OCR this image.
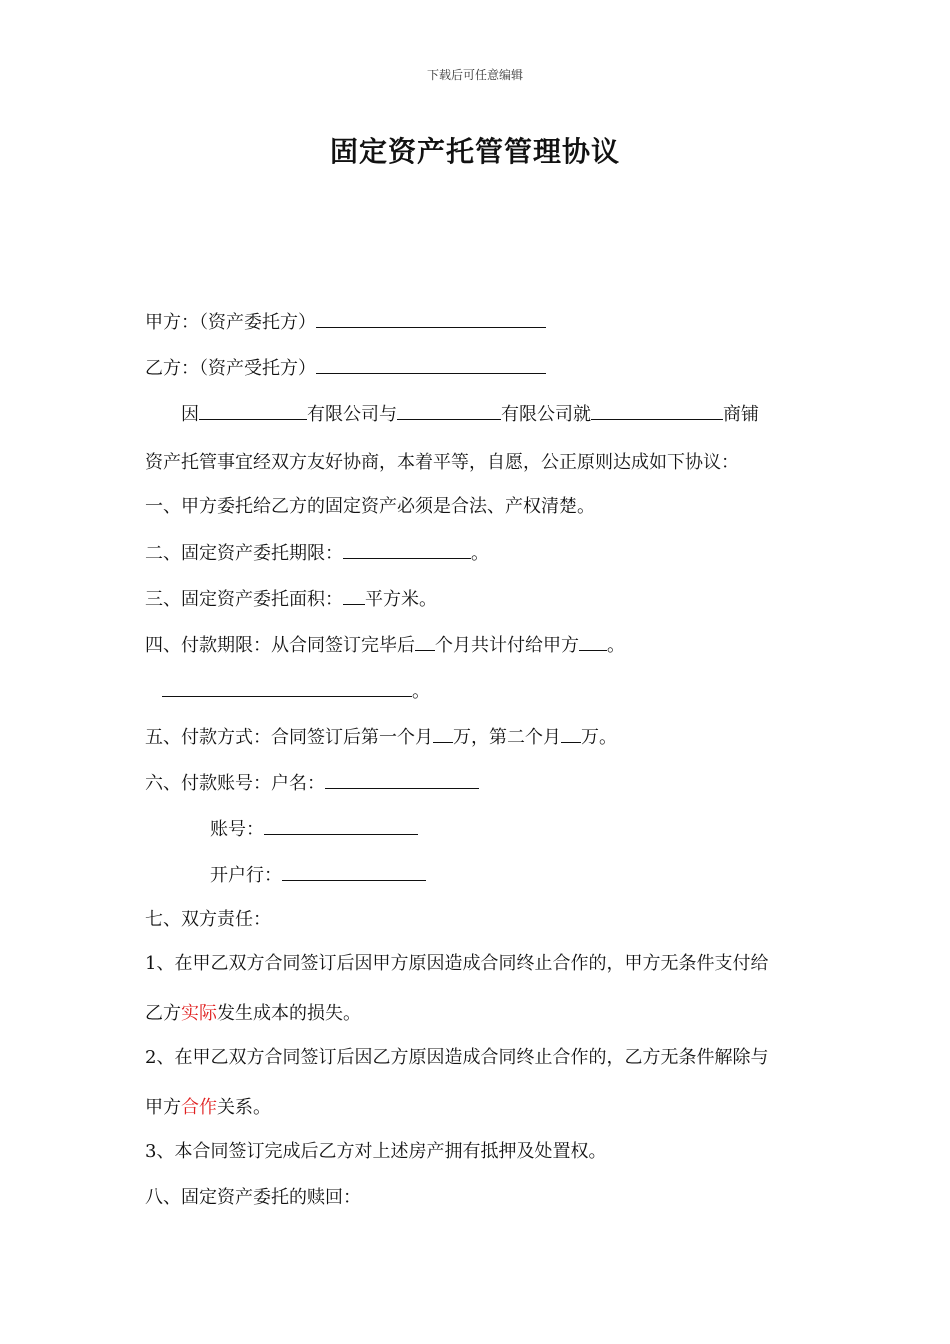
下载后可任意编辑
固定资产托管管理协议
甲方：（资产委托方）
乙方：（资产受托方）
因	有限公司与	有限公司就	商铺
资产托管事宜经双方友好协商，本着平等，自愿，公正原则达成如下协议：
一、甲方委托给乙方的固定资产必须是合法、产权清楚。
二、固定资产委托期限：	。
三、固定资产委托面积： 平方米。
四、付款期限：从合同签订完毕后 个月共计付给甲方 。
。
五、付款方式：合同签订后第一个月 万，第二个月 万。
六、付款账号：户名：
账号：
开户行：
七、双方责任：
1、在甲乙双方合同签订后因甲方原因造成合同终止合作的，甲方无条件支付给
乙方实际发生成本的损失。
2、在甲乙双方合同签订后因乙方原因造成合同终止合作的，乙方无条件解除与
甲方合作关系。
3、本合同签订完成后乙方对上述房产拥有抵押及处置权。
八、固定资产委托的赎回：
